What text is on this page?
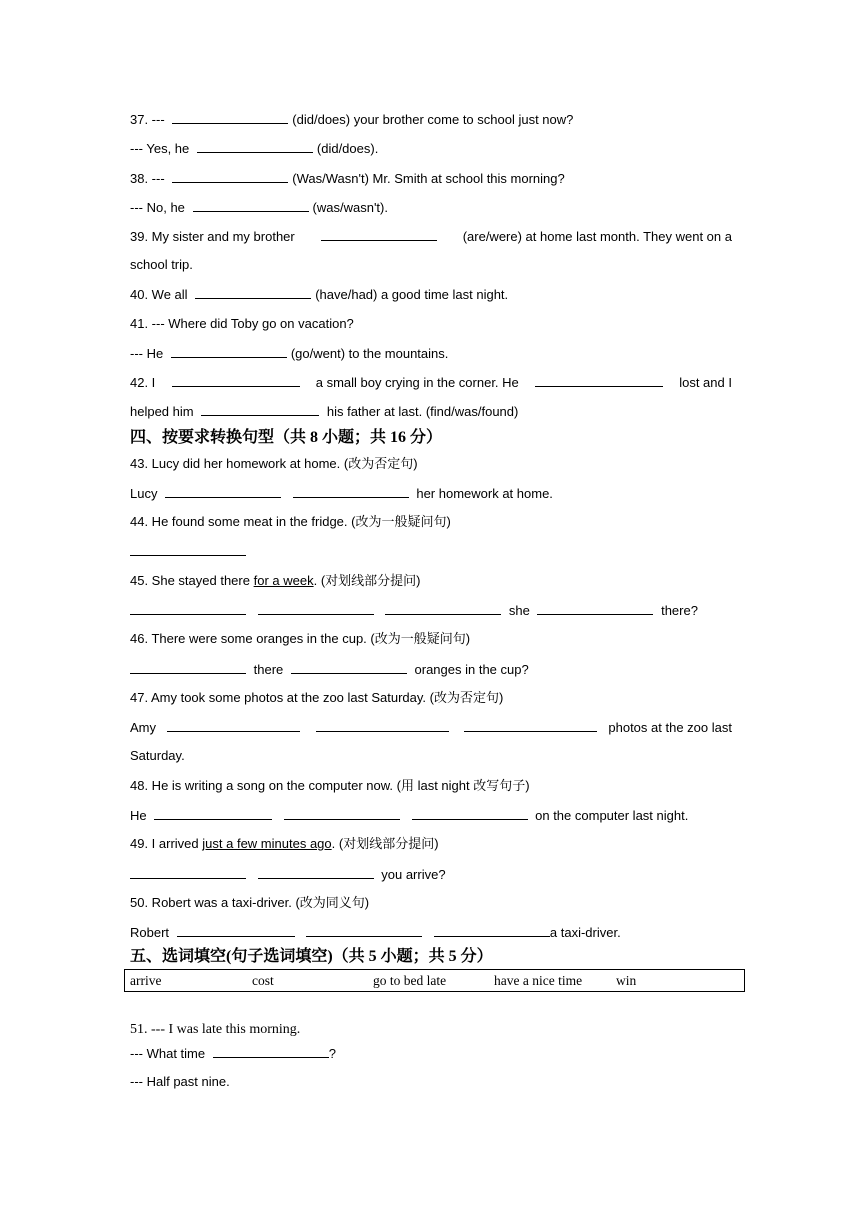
37. ---	(did/does) your brother come to school just now?

--- Yes, he	(did/does).

38. ---	(Was/Wasn't) Mr. Smith at school this morning?

--- No, he	(was/wasn't).

39. My sister and my brother	(are/were) at home last month. They went on a

school trip.

40. We all	(have/had) a good time last night.

41. --- Where did Toby go on vacation?

--- He	(go/went) to the mountains.

42. I	a small boy crying in the corner. He	lost and I

helped him	his father at last. (find/was/found)

四、按要求转换句型（共 8 小题；共 16 分）

43. Lucy did her homework at home. (改为否定句)

Lucy	her homework at home.

44. He found some meat in the fridge. (改为一般疑问句)

45. She stayed there for a week. (对划线部分提问)

she	there?

46. There were some oranges in the cup. (改为一般疑问句)

there	oranges in the cup?

47. Amy took some photos at the zoo last Saturday. (改为否定句)

Amy	photos at the zoo last

Saturday.

48. He is writing a song on the computer now. (用 last night 改写句子)

He	on the computer last night.

49. I arrived just a few minutes ago. (对划线部分提问)

you arrive?

50. Robert was a taxi-driver. (改为同义句)

Robert	a taxi-driver.

五、选词填空(句子选词填空)（共 5 小题；共 5 分）

arrive	cost	go to bed late	have a nice time	win

51. --- I was late this morning.

--- What time	?

--- Half past nine.
